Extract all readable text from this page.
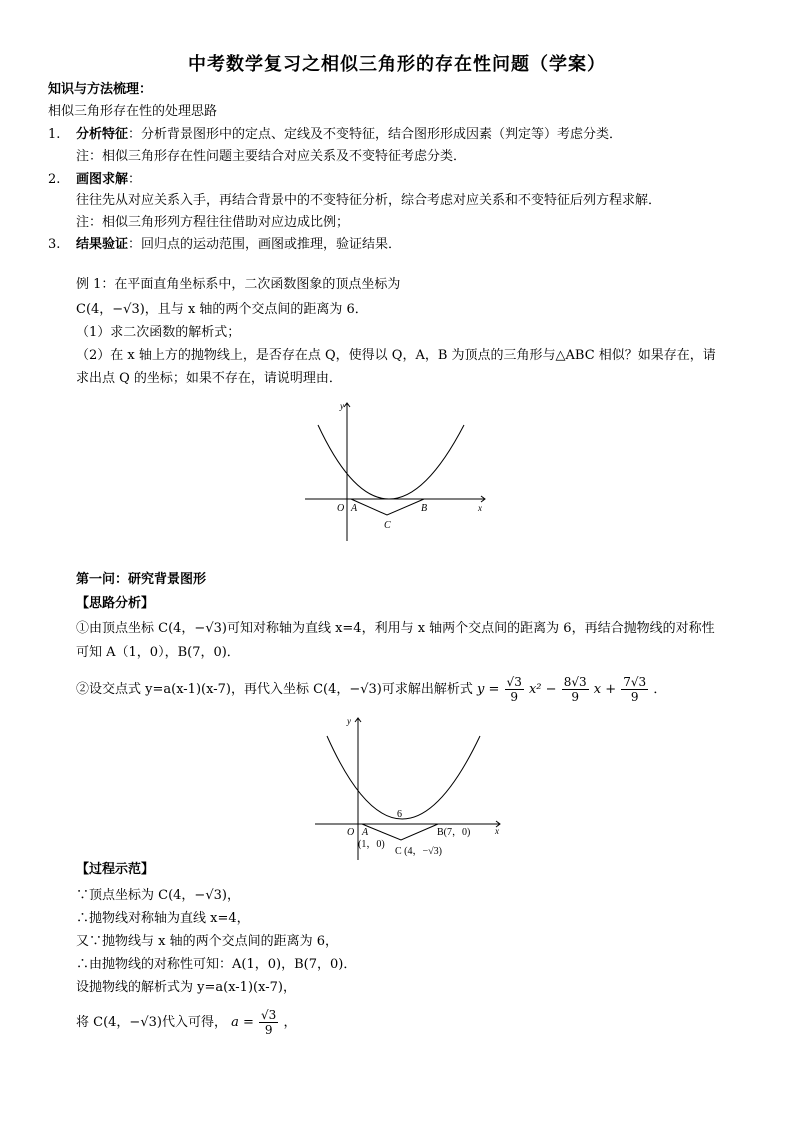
中考数学复习之相似三角形的存在性问题（学案）
知识与方法梳理：
相似三角形存在性的处理思路
1. 分析特征：分析背景图形中的定点、定线及不变特征，结合图形形成因素（判定等）考虑分类．
注：相似三角形存在性问题主要结合对应关系及不变特征考虑分类．
2. 画图求解：
往往先从对应关系入手，再结合背景中的不变特征分析，综合考虑对应关系和不变特征后列方程求解．
注：相似三角形列方程往往借助对应边成比例；
3. 结果验证：回归点的运动范围，画图或推理，验证结果．
例 1：在平面直角坐标系中，二次函数图象的顶点坐标为
C(4，−√3)，且与 x 轴的两个交点间的距离为 6．
（1）求二次函数的解析式；
（2）在 x 轴上方的抛物线上，是否存在点 Q，使得以 Q，A，B 为顶点的三角形与△ABC 相似？如果存在，请
求出点 Q 的坐标；如果不存在，请说明理由．
y
x
O A	B
C
第一问：研究背景图形
【思路分析】
①由顶点坐标 C(4，−√3)可知对称轴为直线 x=4，利用与 x 轴两个交点间的距离为 6，再结合抛物线的对称性
可知 A（1，0），B(7，0)．
②设交点式 y=a(x-1)(x-7)，再代入坐标 C(4，−√3)可求解出解析式 $y = \frac{√3}{9} x^2 - \frac{8√3}{9}$ $x + \frac{7√3}{9}$ ．
y
x
O A
6
B(7，0)
(1，0)
C (4，−√3)
【过程示范】
∵顶点坐标为 C(4，−√3)，
∴抛物线对称轴为直线 x=4，
又∵抛物线与 x 轴的两个交点间的距离为 6，
∴由抛物线的对称性可知：A(1，0)，B(7，0)．
设抛物线的解析式为 y=a(x-1)(x-7)，
将 C(4，−√3)代入可得， $a = \frac{√3}{9}$ ，
